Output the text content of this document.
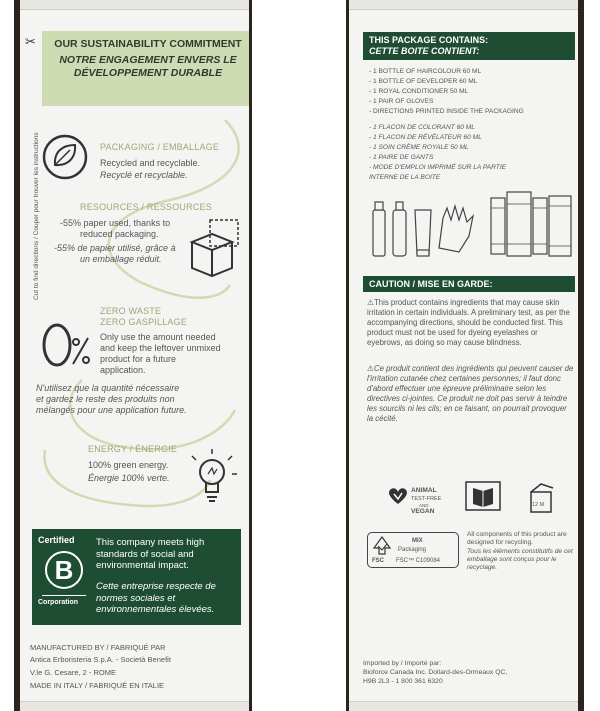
✂
Cut to find directions / Couper pour trouver les instructions
OUR SUSTAINABILITY COMMITMENT
NOTRE ENGAGEMENT ENVERS LE DÉVELOPPEMENT DURABLE
PACKAGING / EMBALLAGE
Recycled and recyclable.
Recyclé et recyclable.
RESOURCES / RESSOURCES
-55% paper used, thanks to
reduced packaging.
-55% de papier utilisé, grâce à
un emballage réduit.
ZERO WASTE
ZERO GASPILLAGE
Only use the amount needed
and keep the leftover unmixed
product for a future
application.
N'utilisez que la quantité nécessaire
et gardez le reste des produits non
mélangés pour une application future.
ENERGY / ÉNERGIE
100% green energy.
Énergie 100% verte.
Certified
B
Corporation
This company meets high standards of social and environmental impact.
Cette entreprise respecte de normes sociales et environnementales élevées.
MANUFACTURED BY / FABRIQUÉ PAR
Antica Erboristeria S.p.A. - Società Benefit
V.le G. Cesare, 2 - ROME
MADE IN ITALY / FABRIQUÉ EN ITALIE
THIS PACKAGE CONTAINS:
CETTE BOITE CONTIENT:
- 1 BOTTLE OF HAIRCOLOUR 60 ML
- 1 BOTTLE OF DEVELOPER 60 ML
- 1 ROYAL CONDITIONER 50 ML
- 1 PAIR OF GLOVES
- DIRECTIONS PRINTED INSIDE THE PACKAGING
- 1 FLACON DE COLORANT 60 ML
- 1 FLACON DE RÉVÉLATEUR 60 ML
- 1 SOIN CRÈME ROYALE 50 ML
- 1 PAIRE DE GANTS
- MODE D'EMPLOI IMPRIMÉ SUR LA PARTIE
INTERNE DE LA BOITE
CAUTION / MISE EN GARDE:
⚠This product contains ingredients that may cause skin irritation in certain individuals. A preliminary test, as per the accompanying directions, should be conducted first. This product must not be used for dyeing eyelashes or eyebrows, as doing so may cause blindness.
⚠Ce produit contient des ingrédients qui peuvent causer de l'irritation cutanée chez certaines personnes; il faut donc d'abord effectuer une épreuve préliminaire selon les directives ci-jointes. Ce produit ne doit pas servir à teindre les sourcils ni les cils; en ce faisant, on pourrait provoquer la cécité.
ANIMAL
TEST-FREE
AND
VEGAN
12 M
FSC
MIX
Packaging
FSC™ C109084
All components of this product are designed for recycling.
Tous les éléments constitutifs de cet emballage sont conçus pour le recyclage.
Imported by / Importé par:
Bioforce Canada Inc. Dollard-des-Ormeaux QC,
H9B 2L3 - 1 800 361 6320
